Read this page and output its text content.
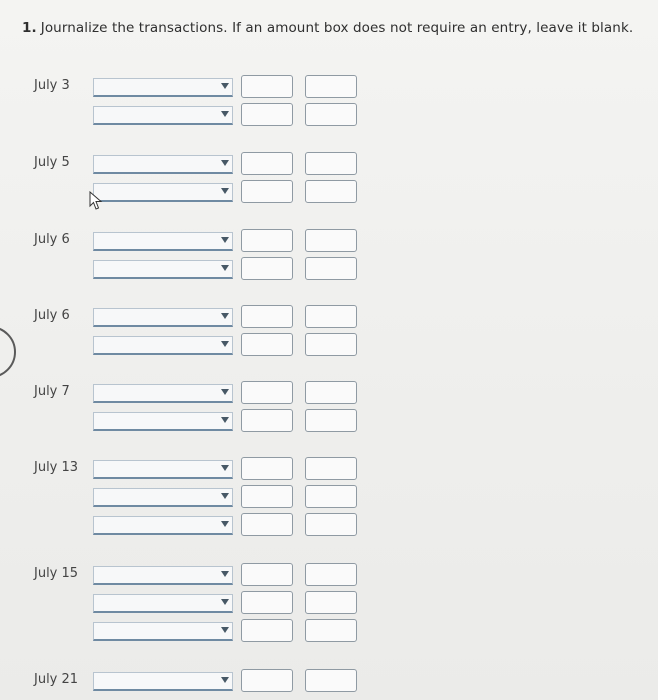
1. Journalize the transactions. If an amount box does not require an entry, leave it blank.
July 3
July 5
July 6
July 6
July 7
July 13
July 15
July 21
